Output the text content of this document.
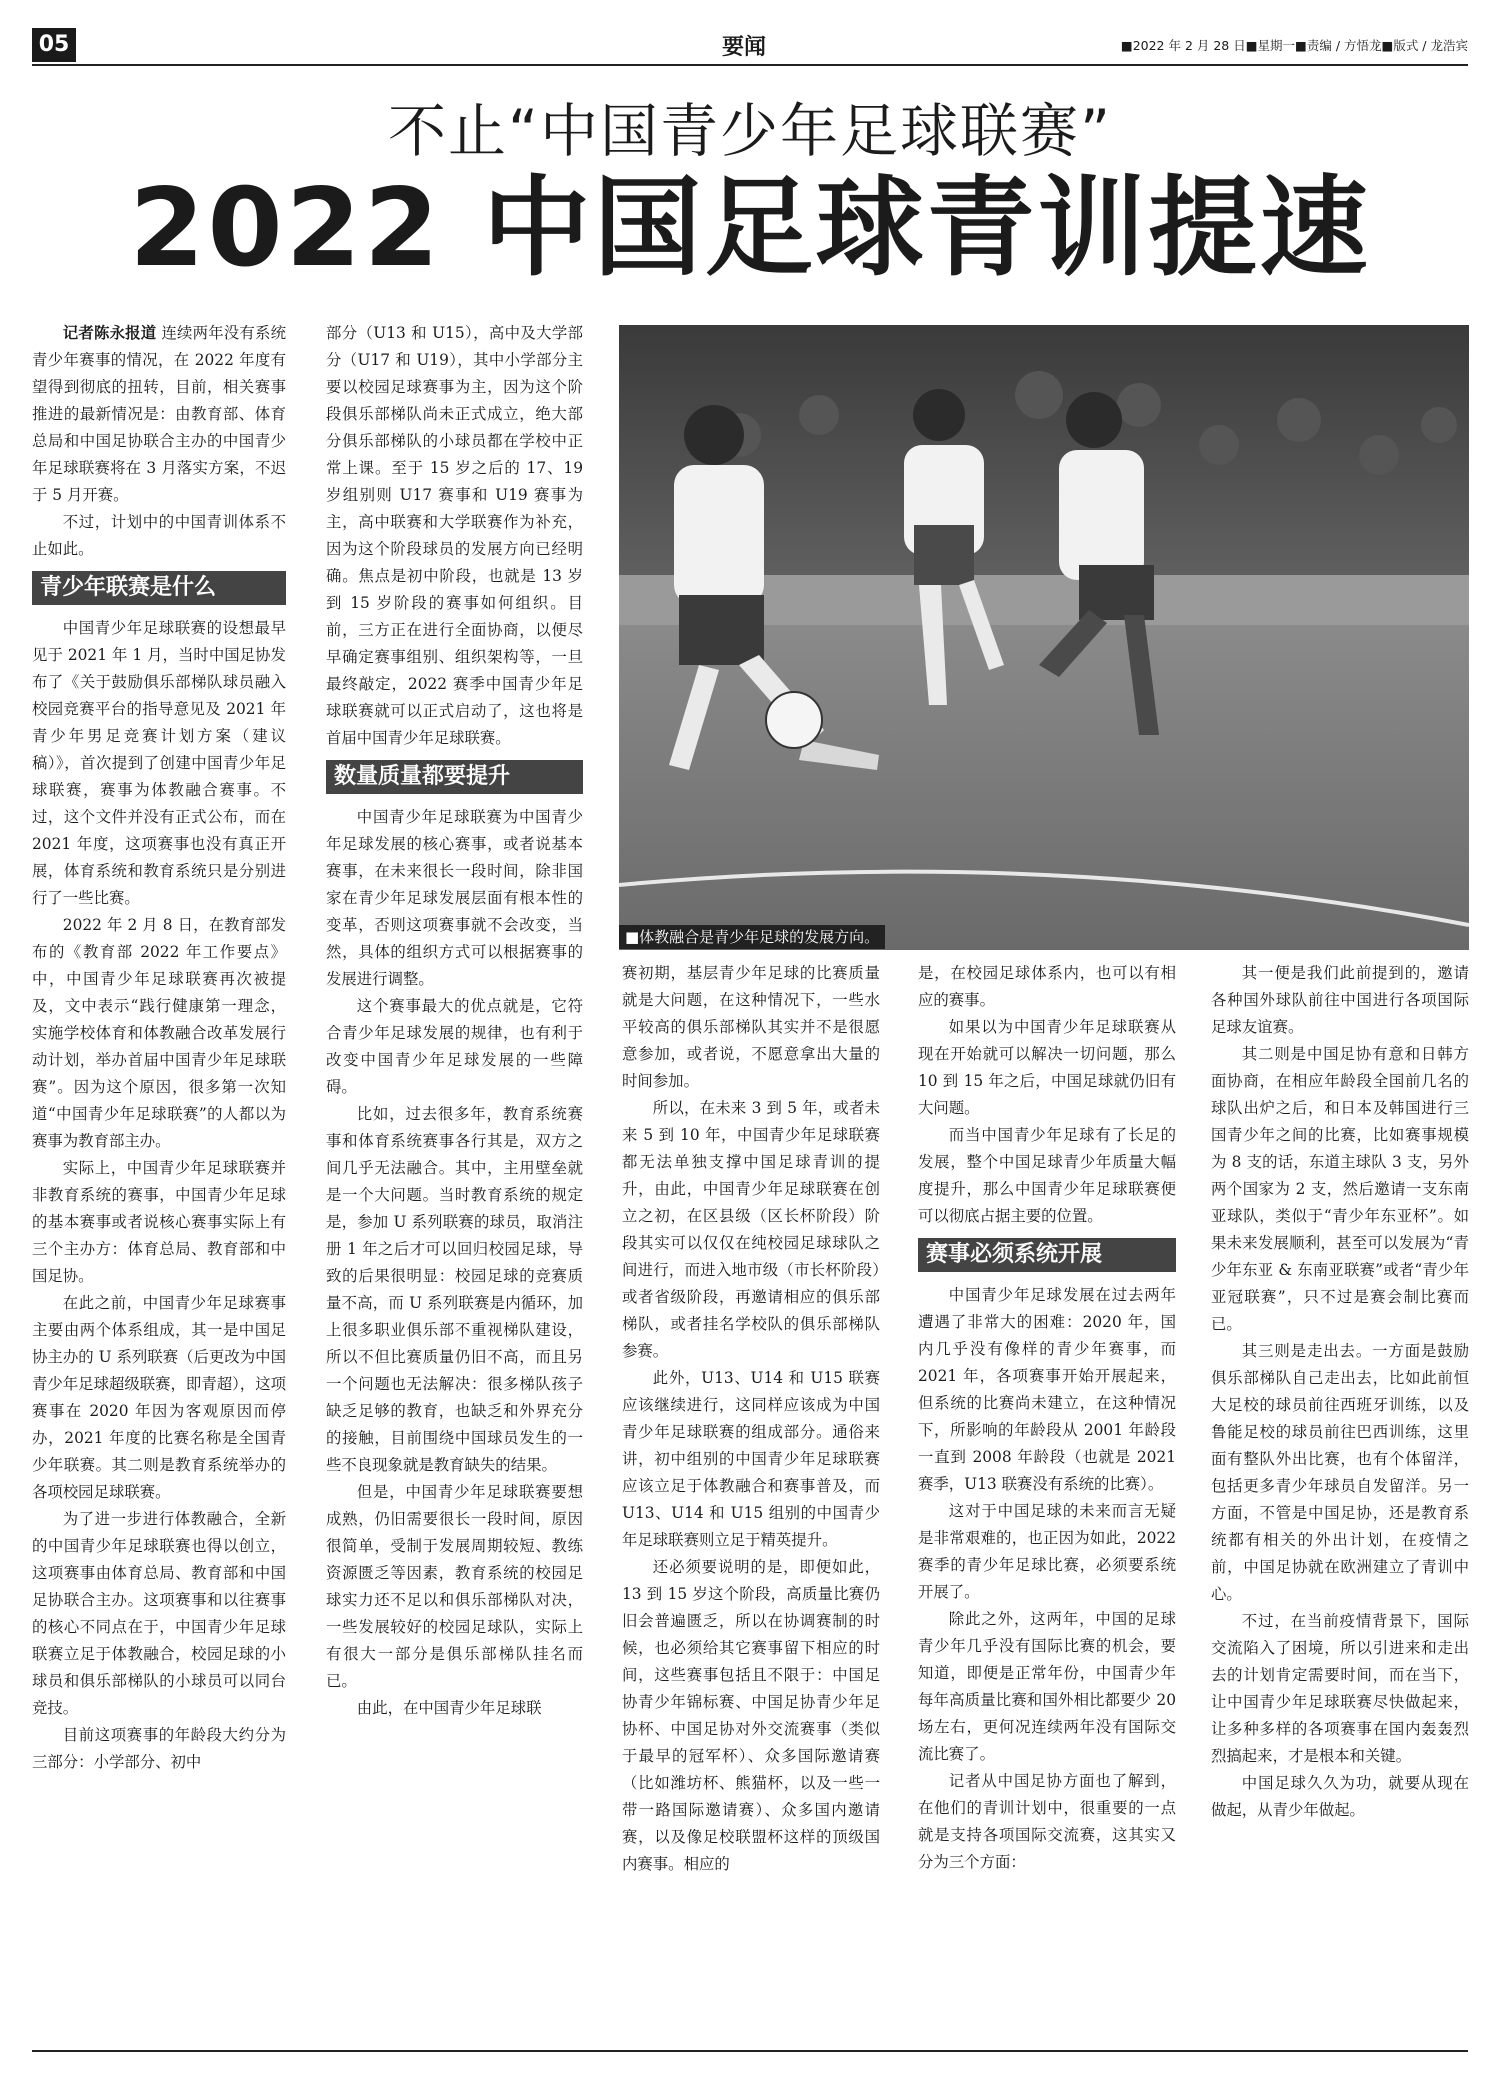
05	要闻	■2022 年 2 月 28 日■星期一■责编 / 方悟龙■版式 / 龙浩宾
不止“中国青少年足球联赛”
2022 中国足球青训提速

记者陈永报道 连续两年没有系统青少年赛事的情况，在 2022 年度有望得到彻底的扭转，目前，相关赛事推进的最新情况是：由教育部、体育总局和中国足协联合主办的中国青少年足球联赛将在 3 月落实方案，不迟于 5 月开赛。

不过，计划中的中国青训体系不止如此。

青少年联赛是什么

中国青少年足球联赛的设想最早见于 2021 年 1 月，当时中国足协发布了《关于鼓励俱乐部梯队球员融入校园竞赛平台的指导意见及 2021 年青少年男足竞赛计划方案（建议稿）》，首次提到了创建中国青少年足球联赛，赛事为体教融合赛事。不过，这个文件并没有正式公布，而在 2021 年度，这项赛事也没有真正开展，体育系统和教育系统只是分别进行了一些比赛。

2022 年 2 月 8 日，在教育部发布的《教育部 2022 年工作要点》中，中国青少年足球联赛再次被提及，文中表示“践行健康第一理念，实施学校体育和体教融合改革发展行动计划，举办首届中国青少年足球联赛”。因为这个原因，很多第一次知道“中国青少年足球联赛”的人都以为赛事为教育部主办。

实际上，中国青少年足球联赛并非教育系统的赛事，中国青少年足球的基本赛事或者说核心赛事实际上有三个主办方：体育总局、教育部和中国足协。

在此之前，中国青少年足球赛事主要由两个体系组成，其一是中国足协主办的 U 系列联赛（后更改为中国青少年足球超级联赛，即青超），这项赛事在 2020 年因为客观原因而停办，2021 年度的比赛名称是全国青少年联赛。其二则是教育系统举办的各项校园足球联赛。

为了进一步进行体教融合，全新的中国青少年足球联赛也得以创立，这项赛事由体育总局、教育部和中国足协联合主办。这项赛事和以往赛事的核心不同点在于，中国青少年足球联赛立足于体教融合，校园足球的小球员和俱乐部梯队的小球员可以同台竞技。

目前这项赛事的年龄段大约分为三部分：小学部分、初中

部分（U13 和 U15），高中及大学部分（U17 和 U19），其中小学部分主要以校园足球赛事为主，因为这个阶段俱乐部梯队尚未正式成立，绝大部分俱乐部梯队的小球员都在学校中正常上课。至于 15 岁之后的 17、19 岁组别则 U17 赛事和 U19 赛事为主，高中联赛和大学联赛作为补充，因为这个阶段球员的发展方向已经明确。焦点是初中阶段，也就是 13 岁到 15 岁阶段的赛事如何组织。目前，三方正在进行全面协商，以便尽早确定赛事组别、组织架构等，一旦最终敲定，2022 赛季中国青少年足球联赛就可以正式启动了，这也将是首届中国青少年足球联赛。

数量质量都要提升

中国青少年足球联赛为中国青少年足球发展的核心赛事，或者说基本赛事，在未来很长一段时间，除非国家在青少年足球发展层面有根本性的变革，否则这项赛事就不会改变，当然，具体的组织方式可以根据赛事的发展进行调整。

这个赛事最大的优点就是，它符合青少年足球发展的规律，也有利于改变中国青少年足球发展的一些障碍。

比如，过去很多年，教育系统赛事和体育系统赛事各行其是，双方之间几乎无法融合。其中，主用壁垒就是一个大问题。当时教育系统的规定是，参加 U 系列联赛的球员，取消注册 1 年之后才可以回归校园足球，导致的后果很明显：校园足球的竞赛质量不高，而 U 系列联赛是内循环，加上很多职业俱乐部不重视梯队建设，所以不但比赛质量仍旧不高，而且另一个问题也无法解决：很多梯队孩子缺乏足够的教育，也缺乏和外界充分的接触，目前围绕中国球员发生的一些不良现象就是教育缺失的结果。

但是，中国青少年足球联赛要想成熟，仍旧需要很长一段时间，原因很简单，受制于发展周期较短、教练资源匮乏等因素，教育系统的校园足球实力还不足以和俱乐部梯队对决，一些发展较好的校园足球队，实际上有很大一部分是俱乐部梯队挂名而已。

由此，在中国青少年足球联

■体教融合是青少年足球的发展方向。

赛初期，基层青少年足球的比赛质量就是大问题，在这种情况下，一些水平较高的俱乐部梯队其实并不是很愿意参加，或者说，不愿意拿出大量的时间参加。

所以，在未来 3 到 5 年，或者未来 5 到 10 年，中国青少年足球联赛都无法单独支撑中国足球青训的提升，由此，中国青少年足球联赛在创立之初，在区县级（区长杯阶段）阶段其实可以仅仅在纯校园足球球队之间进行，而进入地市级（市长杯阶段）或者省级阶段，再邀请相应的俱乐部梯队，或者挂名学校队的俱乐部梯队参赛。

此外，U13、U14 和 U15 联赛应该继续进行，这同样应该成为中国青少年足球联赛的组成部分。通俗来讲，初中组别的中国青少年足球联赛应该立足于体教融合和赛事普及，而 U13、U14 和 U15 组别的中国青少年足球联赛则立足于精英提升。

还必须要说明的是，即便如此，13 到 15 岁这个阶段，高质量比赛仍旧会普遍匮乏，所以在协调赛制的时候，也必须给其它赛事留下相应的时间，这些赛事包括且不限于：中国足协青少年锦标赛、中国足协青少年足协杯、中国足协对外交流赛事（类似于最早的冠军杯）、众多国际邀请赛（比如潍坊杯、熊猫杯，以及一些一带一路国际邀请赛）、众多国内邀请赛，以及像足校联盟杯这样的顶级国内赛事。相应的

是，在校园足球体系内，也可以有相应的赛事。

如果以为中国青少年足球联赛从现在开始就可以解决一切问题，那么 10 到 15 年之后，中国足球就仍旧有大问题。

而当中国青少年足球有了长足的发展，整个中国足球青少年质量大幅度提升，那么中国青少年足球联赛便可以彻底占据主要的位置。

赛事必须系统开展

中国青少年足球发展在过去两年遭遇了非常大的困难：2020 年，国内几乎没有像样的青少年赛事，而 2021 年，各项赛事开始开展起来，但系统的比赛尚未建立，在这种情况下，所影响的年龄段从 2001 年龄段一直到 2008 年龄段（也就是 2021 赛季，U13 联赛没有系统的比赛）。

这对于中国足球的未来而言无疑是非常艰难的，也正因为如此，2022 赛季的青少年足球比赛，必须要系统开展了。

除此之外，这两年，中国的足球青少年几乎没有国际比赛的机会，要知道，即便是正常年份，中国青少年每年高质量比赛和国外相比都要少 20 场左右，更何况连续两年没有国际交流比赛了。

记者从中国足协方面也了解到，在他们的青训计划中，很重要的一点就是支持各项国际交流赛，这其实又分为三个方面：

其一便是我们此前提到的，邀请各种国外球队前往中国进行各项国际足球友谊赛。

其二则是中国足协有意和日韩方面协商，在相应年龄段全国前几名的球队出炉之后，和日本及韩国进行三国青少年之间的比赛，比如赛事规模为 8 支的话，东道主球队 3 支，另外两个国家为 2 支，然后邀请一支东南亚球队，类似于“青少年东亚杯”。如果未来发展顺利，甚至可以发展为“青少年东亚 & 东南亚联赛”或者“青少年亚冠联赛”，只不过是赛会制比赛而已。

其三则是走出去。一方面是鼓励俱乐部梯队自己走出去，比如此前恒大足校的球员前往西班牙训练，以及鲁能足校的球员前往巴西训练，这里面有整队外出比赛，也有个体留洋，包括更多青少年球员自发留洋。另一方面，不管是中国足协，还是教育系统都有相关的外出计划，在疫情之前，中国足协就在欧洲建立了青训中心。

不过，在当前疫情背景下，国际交流陷入了困境，所以引进来和走出去的计划肯定需要时间，而在当下，让中国青少年足球联赛尽快做起来，让多种多样的各项赛事在国内轰轰烈烈搞起来，才是根本和关键。

中国足球久久为功，就要从现在做起，从青少年做起。
